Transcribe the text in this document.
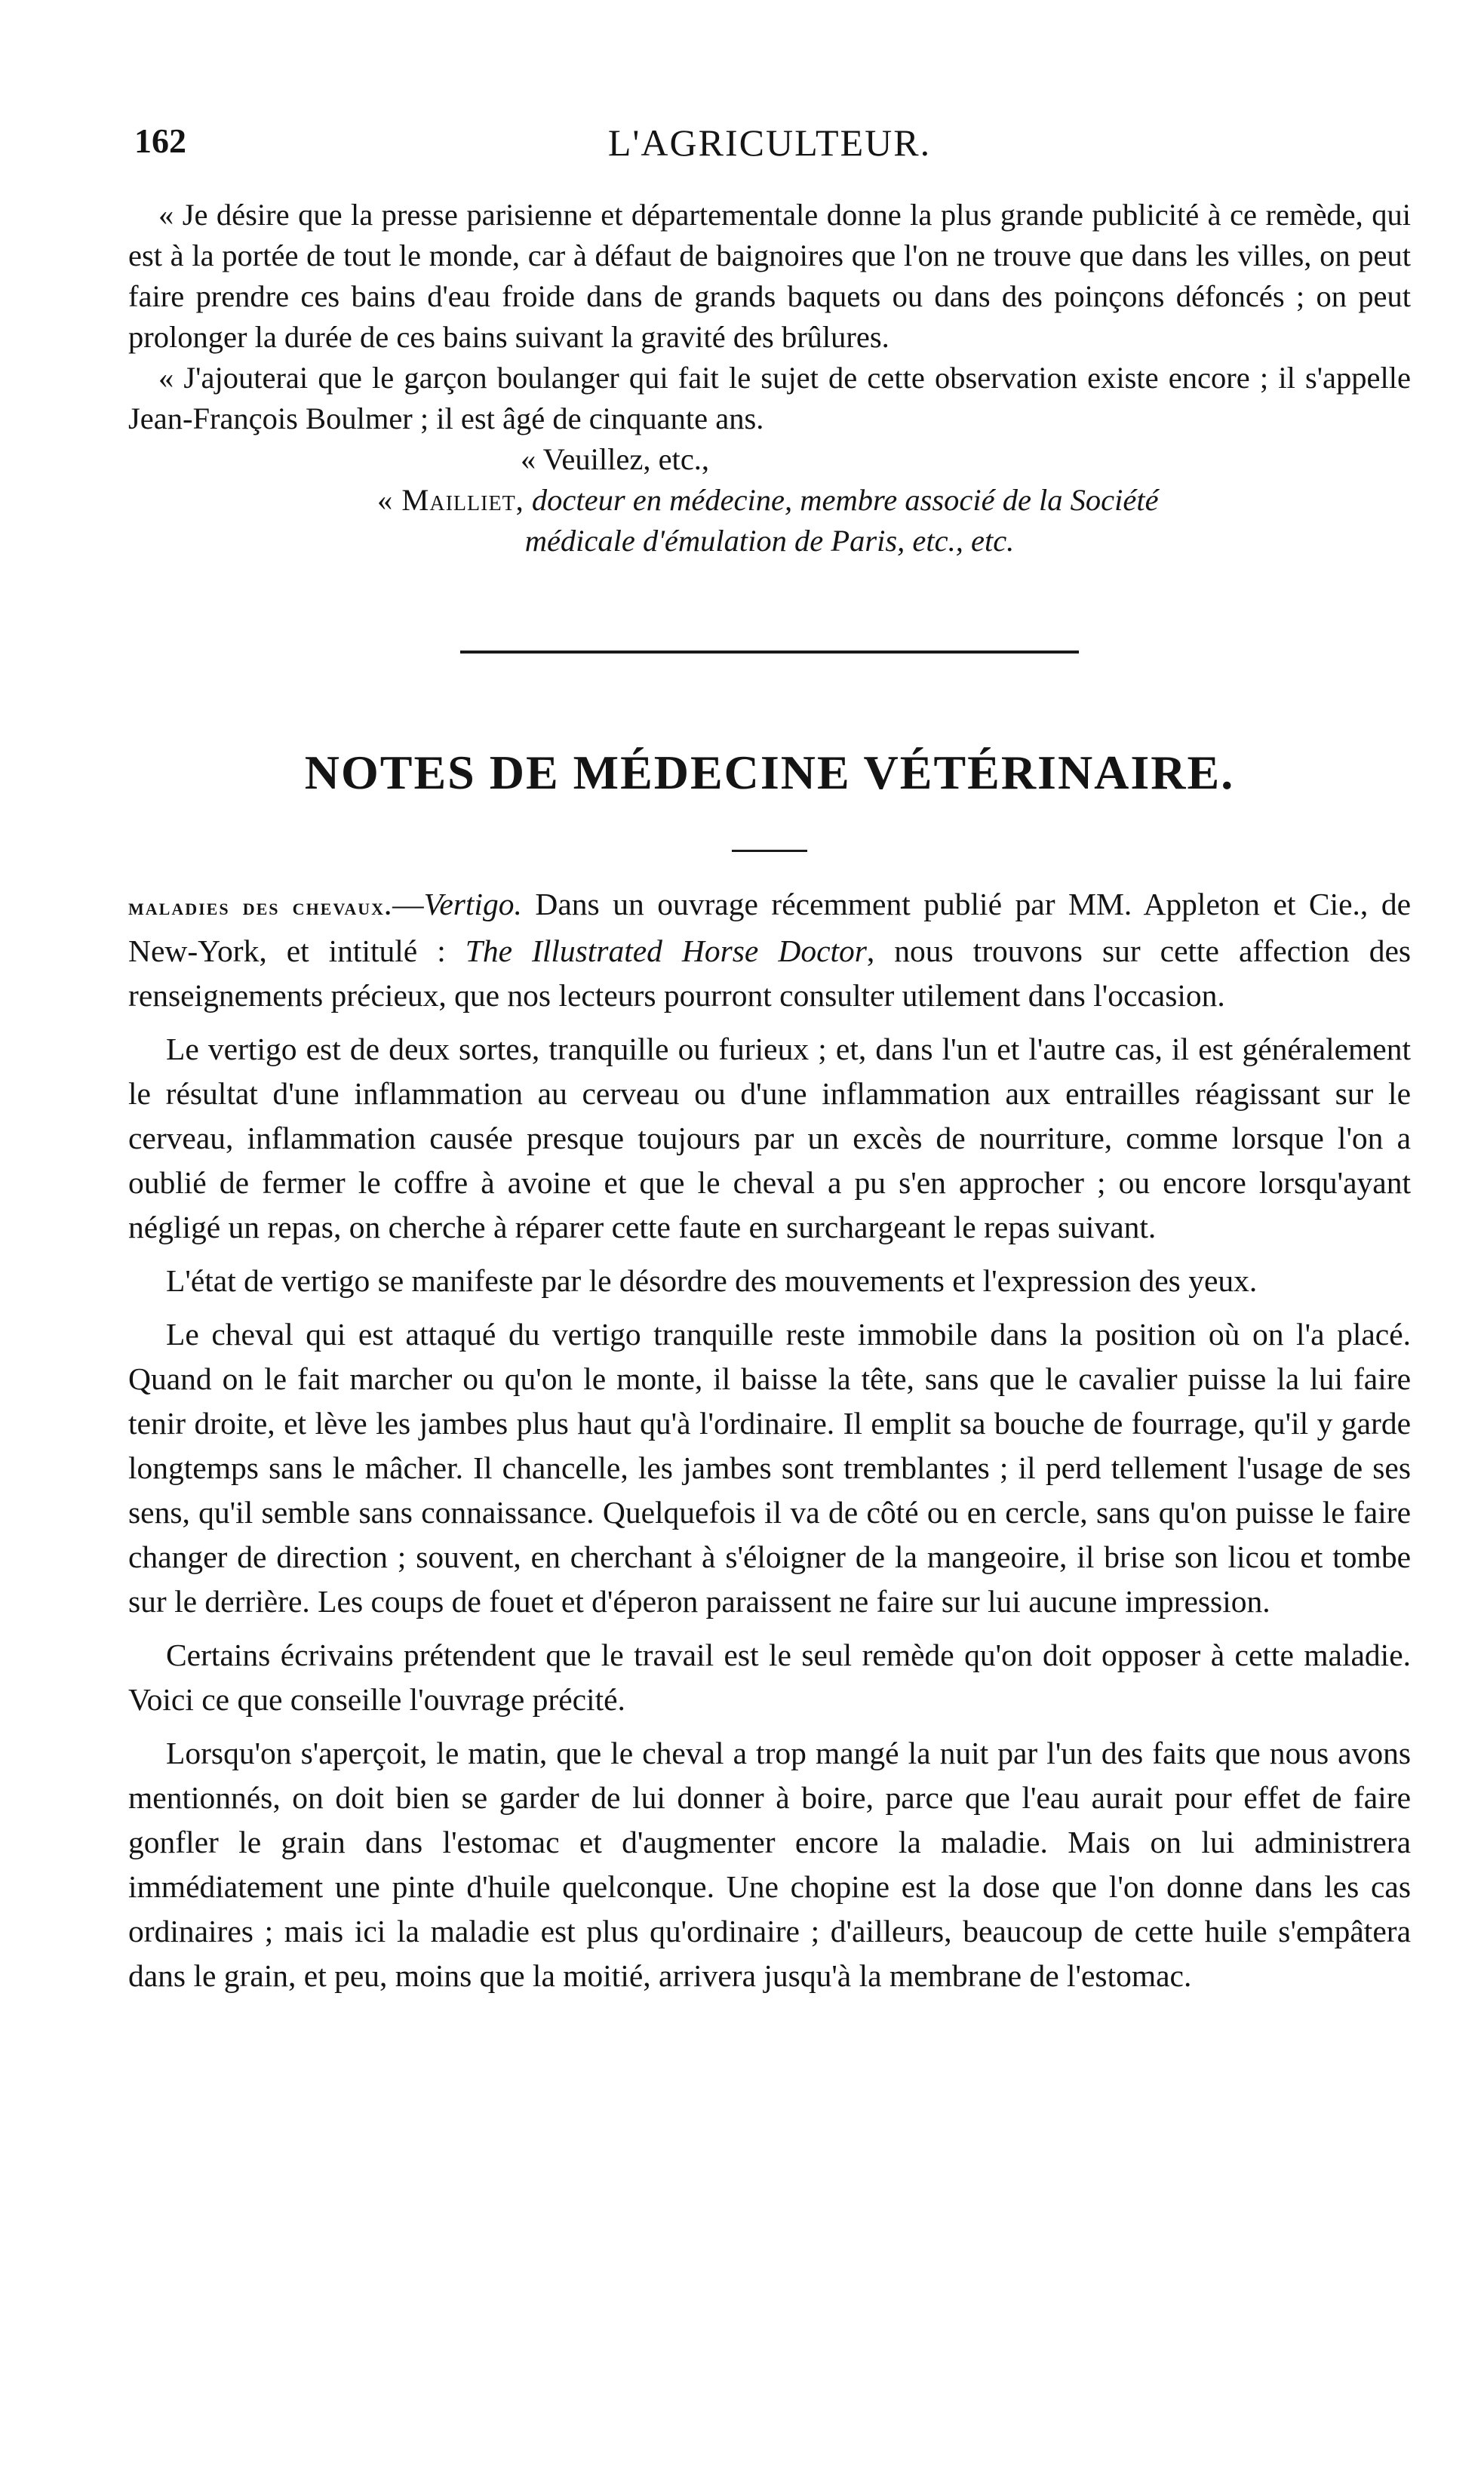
162	L'AGRICULTEUR.

« Je désire que la presse parisienne et départementale donne la plus grande publicité à ce remède, qui est à la portée de tout le monde, car à défaut de baignoires que l'on ne trouve que dans les villes, on peut faire prendre ces bains d'eau froide dans de grands baquets ou dans des poinçons défoncés ; on peut prolonger la durée de ces bains suivant la gravité des brûlures.

« J'ajouterai que le garçon boulanger qui fait le sujet de cette observation existe encore ; il s'appelle Jean-François Boulmer ; il est âgé de cinquante ans.

« Veuillez, etc.,

« Mailliet, docteur en médecine, membre associé de la Société

médicale d'émulation de Paris, etc., etc.

NOTES DE MÉDECINE VÉTÉRINAIRE.

maladies des chevaux.—Vertigo. Dans un ouvrage récemment publié par MM. Appleton et Cie., de New-York, et intitulé : The Illustrated Horse Doctor, nous trouvons sur cette affection des renseignements précieux, que nos lecteurs pourront consulter utilement dans l'occasion.

Le vertigo est de deux sortes, tranquille ou furieux ; et, dans l'un et l'autre cas, il est généralement le résultat d'une inflammation au cerveau ou d'une inflammation aux entrailles réagissant sur le cerveau, inflammation causée presque toujours par un excès de nourriture, comme lorsque l'on a oublié de fermer le coffre à avoine et que le cheval a pu s'en approcher ; ou encore lorsqu'ayant négligé un repas, on cherche à réparer cette faute en surchargeant le repas suivant.

L'état de vertigo se manifeste par le désordre des mouvements et l'expression des yeux.

Le cheval qui est attaqué du vertigo tranquille reste immobile dans la position où on l'a placé. Quand on le fait marcher ou qu'on le monte, il baisse la tête, sans que le cavalier puisse la lui faire tenir droite, et lève les jambes plus haut qu'à l'ordinaire. Il emplit sa bouche de fourrage, qu'il y garde longtemps sans le mâcher. Il chancelle, les jambes sont tremblantes ; il perd tellement l'usage de ses sens, qu'il semble sans connaissance. Quelquefois il va de côté ou en cercle, sans qu'on puisse le faire changer de direction ; souvent, en cherchant à s'éloigner de la mangeoire, il brise son licou et tombe sur le derrière. Les coups de fouet et d'éperon paraissent ne faire sur lui aucune impression.

Certains écrivains prétendent que le travail est le seul remède qu'on doit opposer à cette maladie. Voici ce que conseille l'ouvrage précité.

Lorsqu'on s'aperçoit, le matin, que le cheval a trop mangé la nuit par l'un des faits que nous avons mentionnés, on doit bien se garder de lui donner à boire, parce que l'eau aurait pour effet de faire gonfler le grain dans l'estomac et d'augmenter encore la maladie. Mais on lui administrera immédiatement une pinte d'huile quelconque. Une chopine est la dose que l'on donne dans les cas ordinaires ; mais ici la maladie est plus qu'ordinaire ; d'ailleurs, beaucoup de cette huile s'empâtera dans le grain, et peu, moins que la moitié, arrivera jusqu'à la membrane de l'estomac.
